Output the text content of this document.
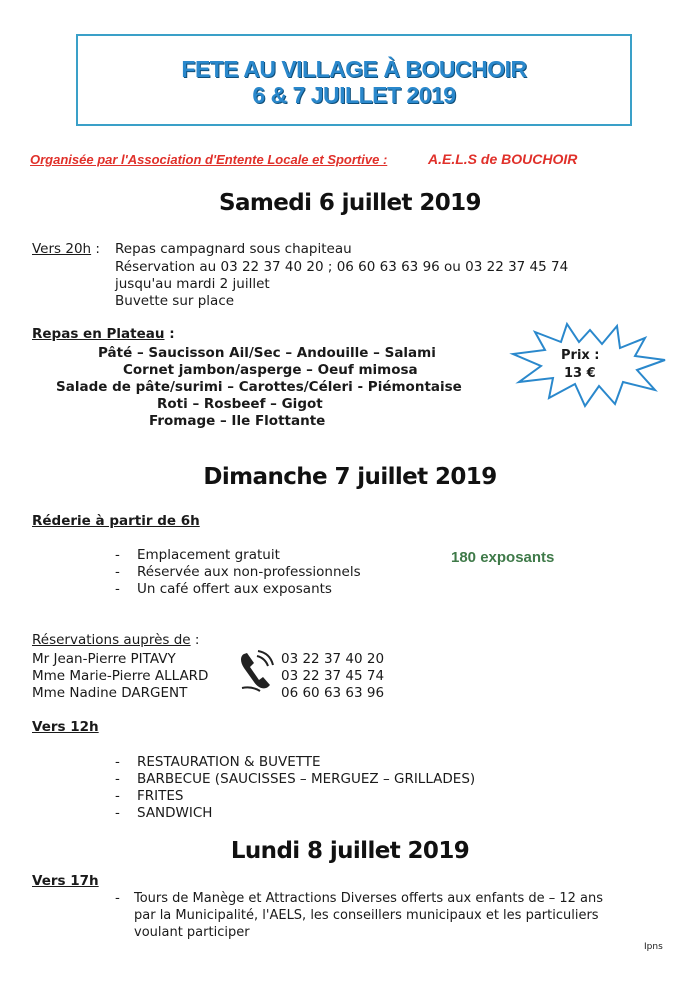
FETE AU VILLAGE À BOUCHOIR
6 & 7 JUILLET 2019
Organisée par l'Association d'Entente Locale et Sportive :	A.E.L.S de BOUCHOIR
Samedi 6 juillet 2019
Vers 20h : Repas campagnard sous chapiteau
Réservation au 03 22 37 40 20 ; 06 60 63 63 96 ou 03 22 37 45 74
jusqu'au mardi 2 juillet
Buvette sur place
Repas en Plateau :
Pâté – Saucisson Ail/Sec – Andouille – Salami
Cornet jambon/asperge – Oeuf mimosa
Salade de pâte/surimi – Carottes/Céleri - Piémontaise
Roti – Rosbeef – Gigot
Fromage – Ile Flottante
Prix :
13 €
Dimanche 7 juillet 2019
Réderie à partir de 6h
- Emplacement gratuit
- Réservée aux non-professionnels
- Un café offert aux exposants
180 exposants
Réservations auprès de :
Mr Jean-Pierre PITAVY
Mme Marie-Pierre ALLARD
Mme Nadine DARGENT
03 22 37 40 20
03 22 37 45 74
06 60 63 63 96
Vers 12h
- RESTAURATION & BUVETTE
- BARBECUE (SAUCISSES – MERGUEZ – GRILLADES)
- FRITES
- SANDWICH
Lundi 8 juillet 2019
Vers 17h
- Tours de Manège et Attractions Diverses offerts aux enfants de – 12 ans
par la Municipalité, l'AELS, les conseillers municipaux et les particuliers
voulant participer
Ipns
